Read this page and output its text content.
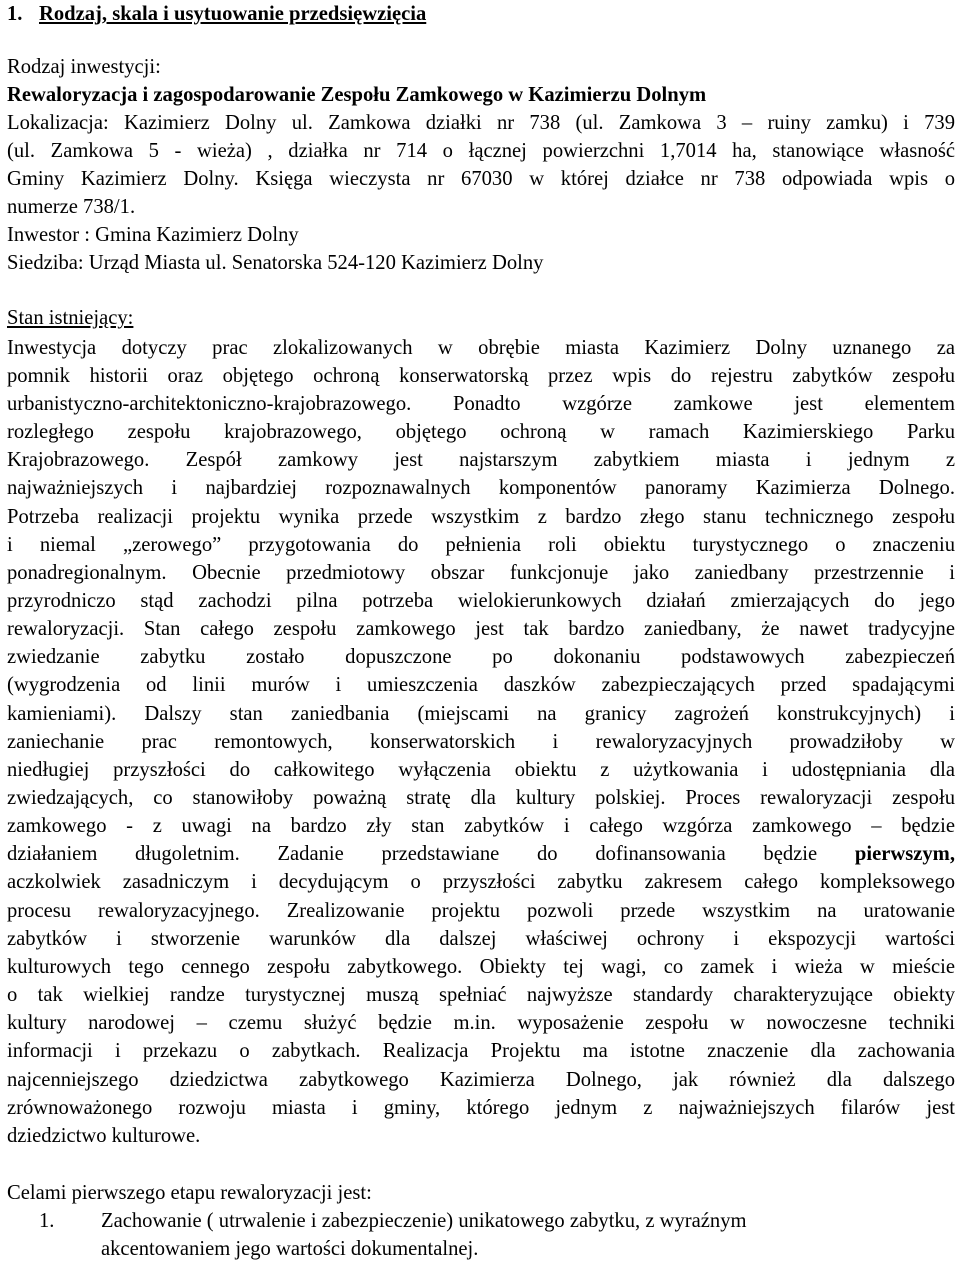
1. Rodzaj, skala i usytuowanie przedsięwzięcia
Rodzaj inwestycji:
Rewaloryzacja i zagospodarowanie Zespołu Zamkowego w Kazimierzu Dolnym
Lokalizacja: Kazimierz Dolny ul. Zamkowa działki nr 738 (ul. Zamkowa 3 – ruiny zamku) i 739
(ul. Zamkowa 5 - wieża) , działka nr 714 o łącznej powierzchni 1,7014 ha, stanowiące własność
Gminy Kazimierz Dolny. Księga wieczysta nr 67030 w której działce nr 738 odpowiada wpis o
numerze 738/1.
Inwestor : Gmina Kazimierz Dolny
Siedziba: Urząd Miasta ul. Senatorska 524-120 Kazimierz Dolny
Stan istniejący:
Inwestycja dotyczy prac zlokalizowanych w obrębie miasta Kazimierz Dolny uznanego za
pomnik historii oraz objętego ochroną konserwatorską przez wpis do rejestru zabytków zespołu
urbanistyczno-architektoniczno-krajobrazowego. Ponadto wzgórze zamkowe jest elementem
rozległego zespołu krajobrazowego, objętego ochroną w ramach Kazimierskiego Parku
Krajobrazowego. Zespół zamkowy jest najstarszym zabytkiem miasta i jednym z
najważniejszych i najbardziej rozpoznawalnych komponentów panoramy Kazimierza Dolnego.
Potrzeba realizacji projektu wynika przede wszystkim z bardzo złego stanu technicznego zespołu
i niemal „zerowego” przygotowania do pełnienia roli obiektu turystycznego o znaczeniu
ponadregionalnym. Obecnie przedmiotowy obszar funkcjonuje jako zaniedbany przestrzennie i
przyrodniczo stąd zachodzi pilna potrzeba wielokierunkowych działań zmierzających do jego
rewaloryzacji. Stan całego zespołu zamkowego jest tak bardzo zaniedbany, że nawet tradycyjne
zwiedzanie zabytku zostało dopuszczone po dokonaniu podstawowych zabezpieczeń
(wygrodzenia od linii murów i umieszczenia daszków zabezpieczających przed spadającymi
kamieniami). Dalszy stan zaniedbania (miejscami na granicy zagrożeń konstrukcyjnych) i
zaniechanie prac remontowych, konserwatorskich i rewaloryzacyjnych prowadziłoby w
niedługiej przyszłości do całkowitego wyłączenia obiektu z użytkowania i udostępniania dla
zwiedzających, co stanowiłoby poważną stratę dla kultury polskiej. Proces rewaloryzacji zespołu
zamkowego - z uwagi na bardzo zły stan zabytków i całego wzgórza zamkowego – będzie
działaniem długoletnim. Zadanie przedstawiane do dofinansowania będzie pierwszym,
aczkolwiek zasadniczym i decydującym o przyszłości zabytku zakresem całego kompleksowego
procesu rewaloryzacyjnego. Zrealizowanie projektu pozwoli przede wszystkim na uratowanie
zabytków i stworzenie warunków dla dalszej właściwej ochrony i ekspozycji wartości
kulturowych tego cennego zespołu zabytkowego. Obiekty tej wagi, co zamek i wieża w mieście
o tak wielkiej randze turystycznej muszą spełniać najwyższe standardy charakteryzujące obiekty
kultury narodowej – czemu służyć będzie m.in. wyposażenie zespołu w nowoczesne techniki
informacji i przekazu o zabytkach. Realizacja Projektu ma istotne znaczenie dla zachowania
najcenniejszego dziedzictwa zabytkowego Kazimierza Dolnego, jak również dla dalszego
zrównoważonego rozwoju miasta i gminy, którego jednym z najważniejszych filarów jest
dziedzictwo kulturowe.
Celami pierwszego etapu rewaloryzacji jest:
1. Zachowanie ( utrwalenie i zabezpieczenie) unikatowego zabytku, z wyraźnym
akcentowaniem jego wartości dokumentalnej.
